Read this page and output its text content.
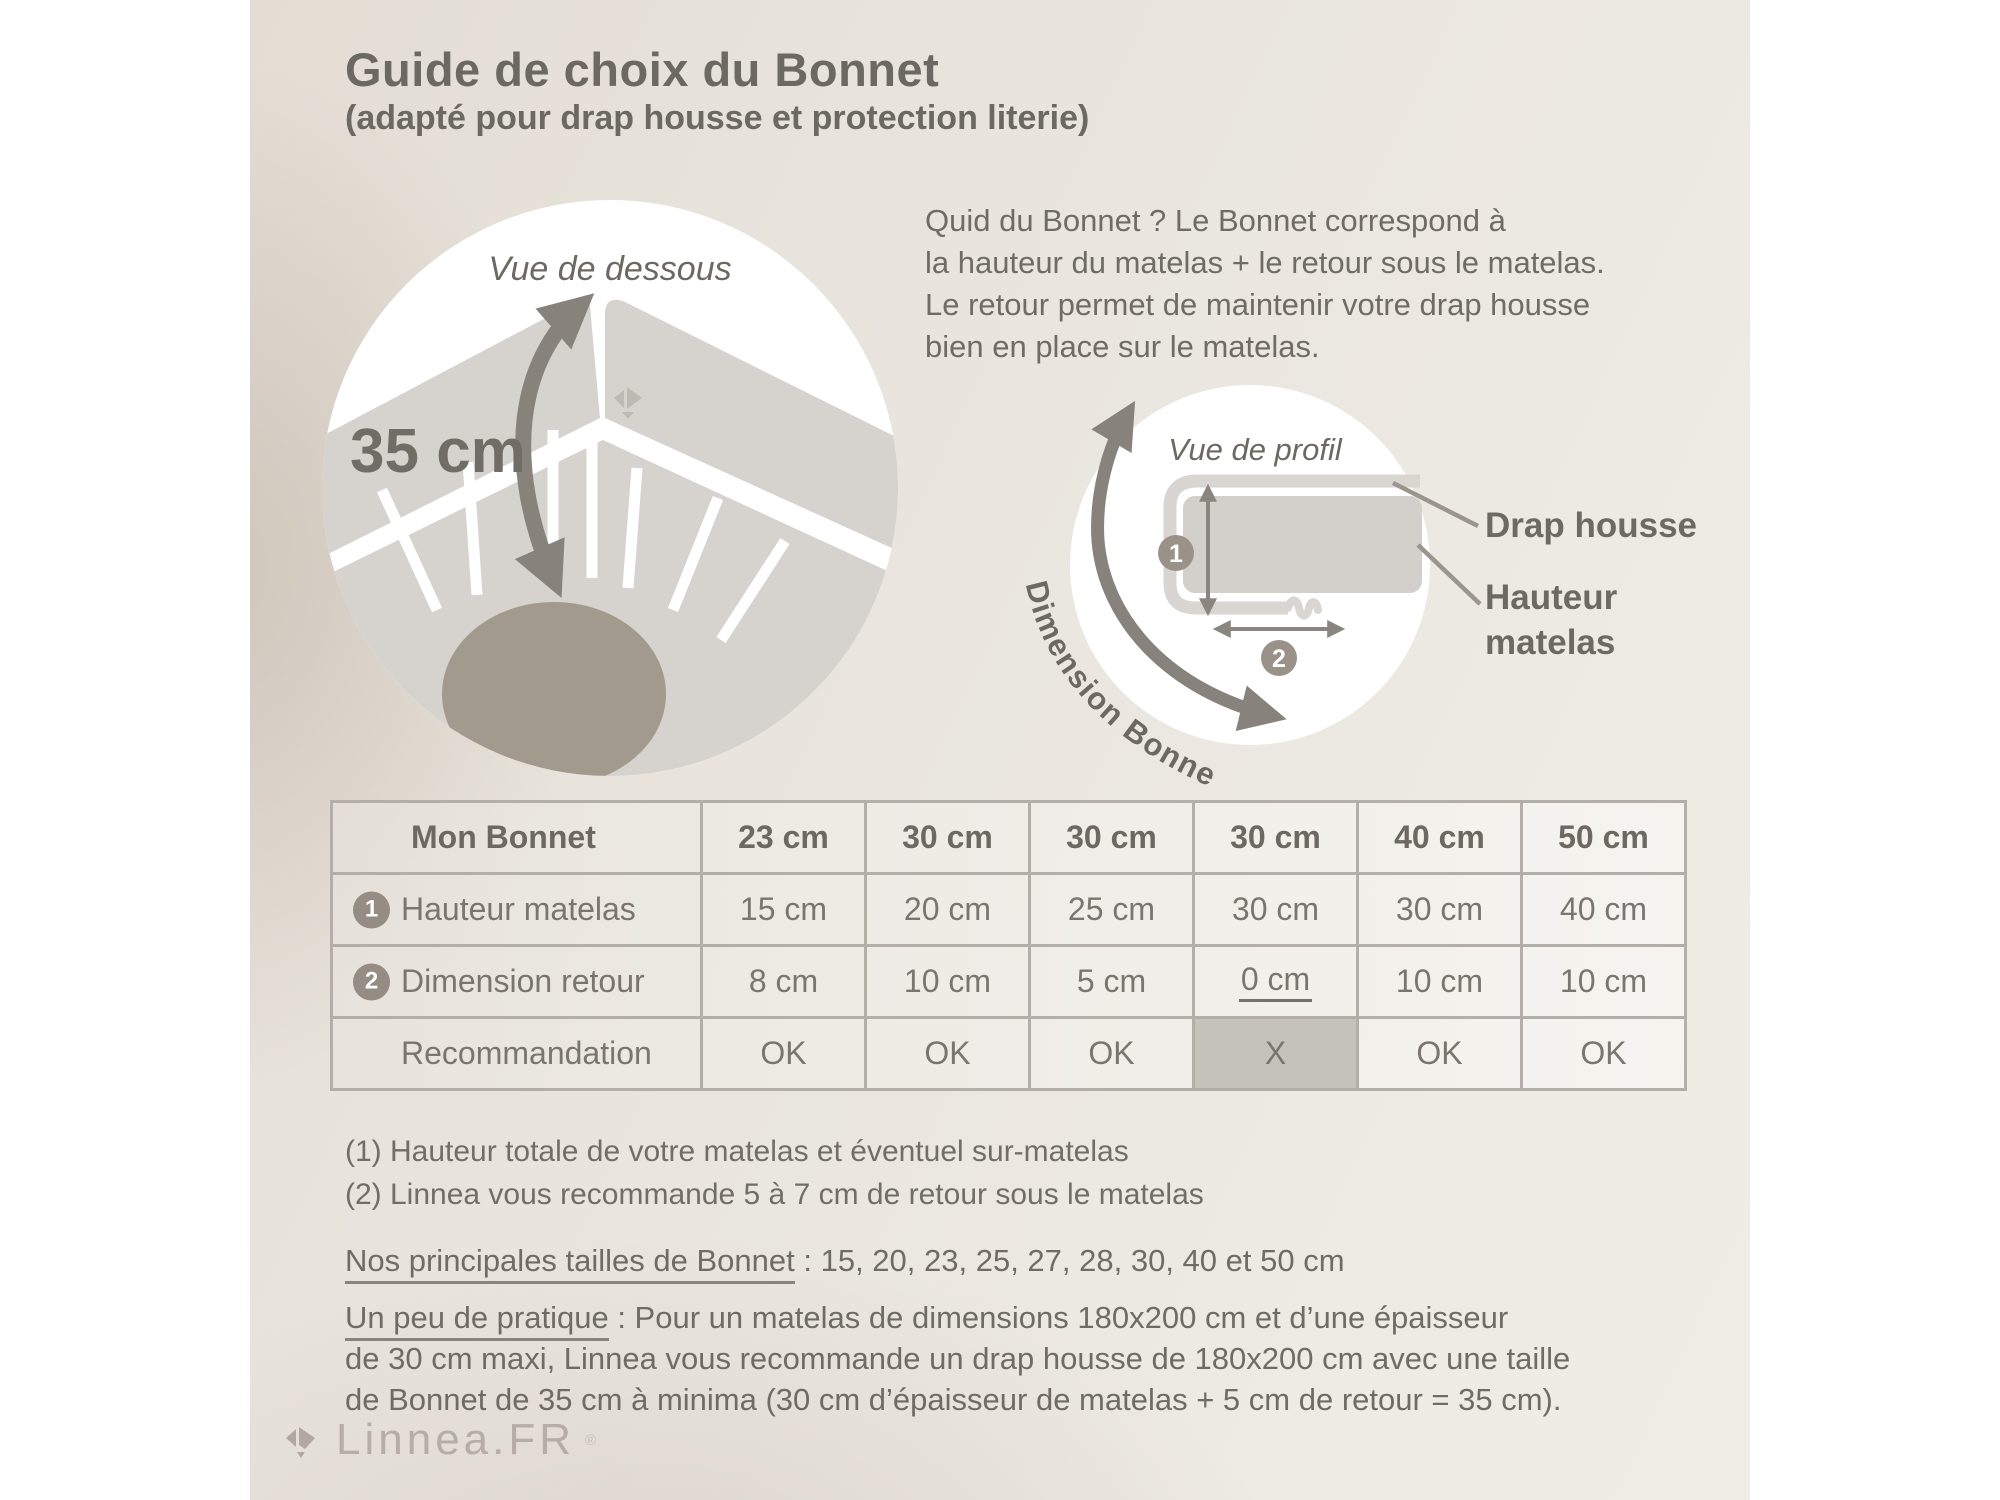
Guide de choix du Bonnet
(adapté pour drap housse et protection literie)
Vue de dessous
35 cm
Quid du Bonnet ? Le Bonnet correspond à
la hauteur du matelas + le retour sous le matelas.
Le retour permet de maintenir votre drap housse
bien en place sur le matelas.
1
2
Vue de profil
Dimension Bonnet
Drap housse
Hauteur
matelas
Mon Bonnet	23 cm	30 cm	30 cm	30 cm	40 cm	50 cm
1 Hauteur matelas	15 cm	20 cm	25 cm	30 cm	30 cm	40 cm
2 Dimension retour	8 cm	10 cm	5 cm	0 cm	10 cm	10 cm
Recommandation	OK	OK	OK	X	OK	OK
(1) Hauteur totale de votre matelas et éventuel sur-matelas
(2) Linnea vous recommande 5 à 7 cm de retour sous le matelas
Nos principales tailles de Bonnet : 15, 20, 23, 25, 27, 28, 30, 40 et 50 cm
Un peu de pratique : Pour un matelas de dimensions 180x200 cm et d’une épaisseur
de 30 cm maxi, Linnea vous recommande un drap housse de 180x200 cm avec une taille
de Bonnet de 35 cm à minima (30 cm d’épaisseur de matelas + 5 cm de retour = 35 cm).
Linnea.FR ®
